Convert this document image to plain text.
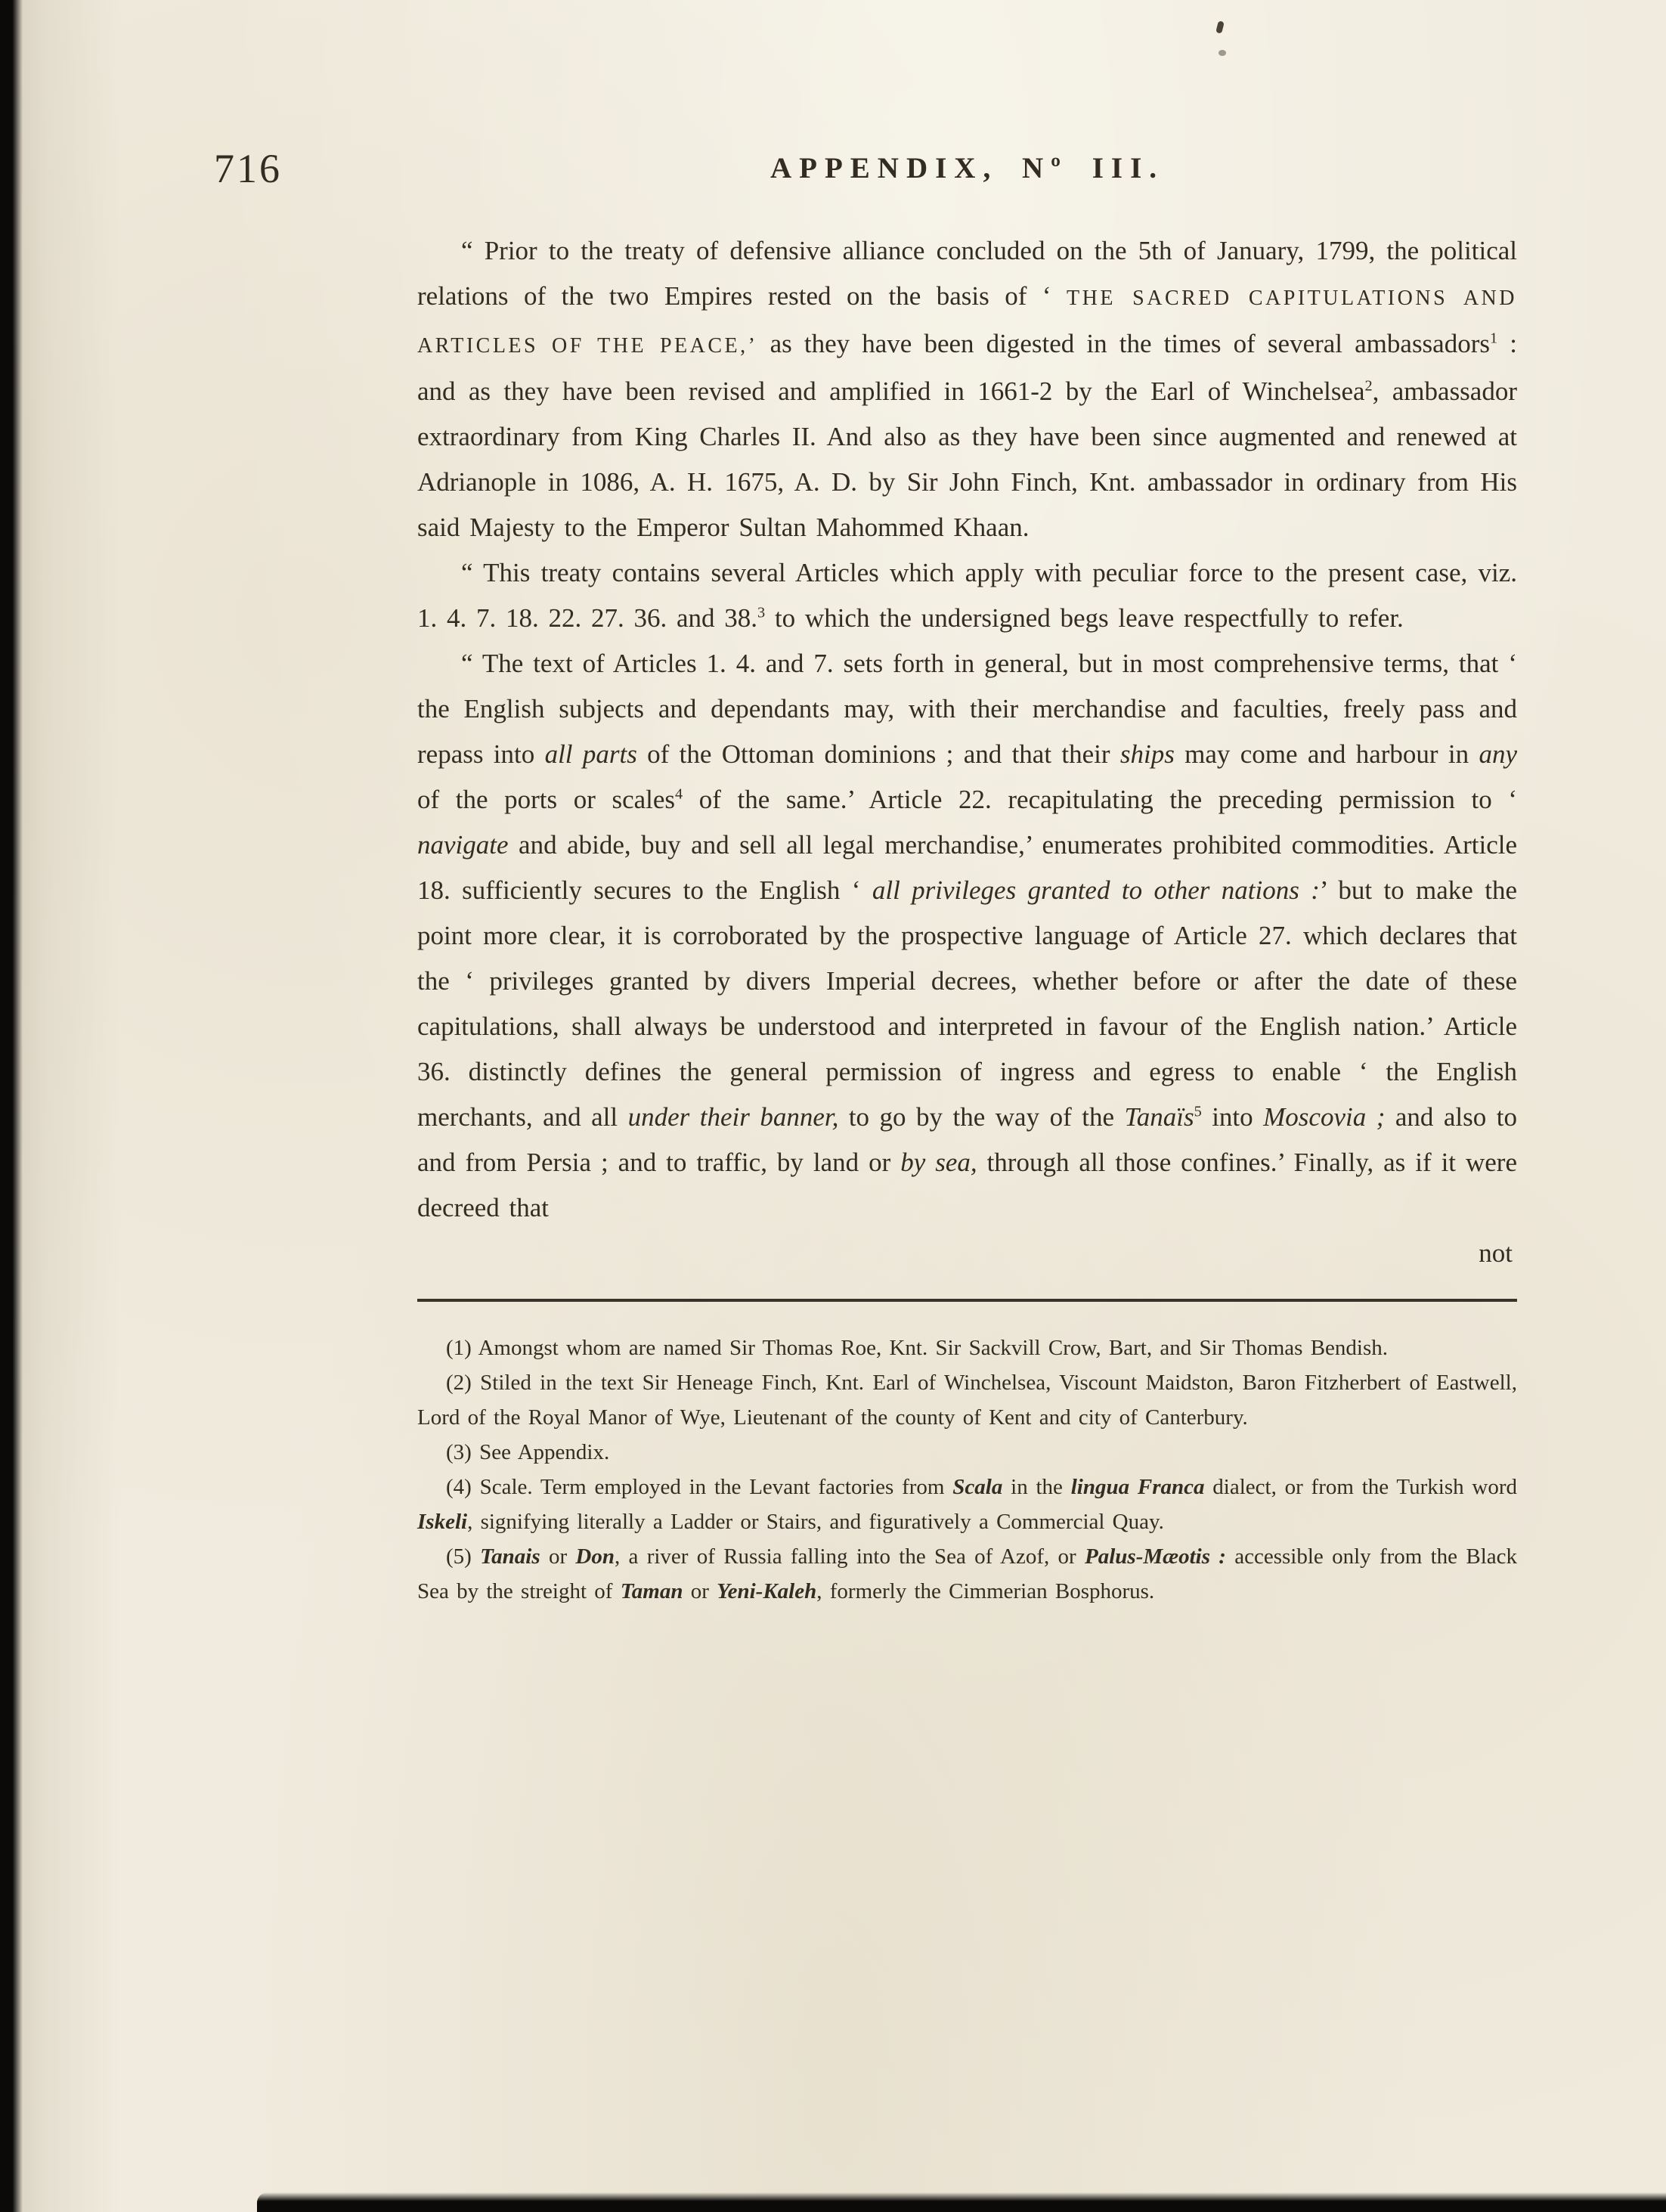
716	APPENDIX, Nº III.

“ Prior to the treaty of defensive alliance concluded on the 5th of January, 1799, the political relations of the two Empires rested on the basis of ‘ THE SACRED CAPITULATIONS AND ARTICLES OF THE PEACE,’ as they have been digested in the times of several ambassadors$^1$ : and as they have been revised and amplified in 1661-2 by the Earl of Winchelsea$^2$, ambassador extraordinary from King Charles II. And also as they have been since augmented and renewed at Adrianople in 1086, A. H. 1675, A. D. by Sir John Finch, Knt. ambassador in ordinary from His said Majesty to the Emperor Sultan Mahommed Khaan.

“ This treaty contains several Articles which apply with peculiar force to the present case, viz. 1. 4. 7. 18. 22. 27. 36. and 38.$^3$ to which the undersigned begs leave respectfully to refer.

“ The text of Articles 1. 4. and 7. sets forth in general, but in most comprehensive terms, that ‘ the English subjects and dependants may, with their merchandise and faculties, freely pass and repass into all parts of the Ottoman dominions ; and that their ships may come and harbour in any of the ports or scales$^4$ of the same.’ Article 22. recapitulating the preceding permission to ‘ navigate and abide, buy and sell all legal merchandise,’ enumerates prohibited commodities. Article 18. sufficiently secures to the English ‘ all privileges granted to other nations :’ but to make the point more clear, it is corroborated by the prospective language of Article 27. which declares that the ‘ privileges granted by divers Imperial decrees, whether before or after the date of these capitulations, shall always be understood and interpreted in favour of the English nation.’ Article 36. distinctly defines the general permission of ingress and egress to enable ‘ the English merchants, and all under their banner, to go by the way of the Tanaïs$^5$ into Moscovia ; and also to and from Persia ; and to traffic, by land or by sea, through all those confines.’ Finally, as if it were decreed that

not

(1) Amongst whom are named Sir Thomas Roe, Knt. Sir Sackvill Crow, Bart, and Sir Thomas Bendish.

(2) Stiled in the text Sir Heneage Finch, Knt. Earl of Winchelsea, Viscount Maidston, Baron Fitzherbert of Eastwell, Lord of the Royal Manor of Wye, Lieutenant of the county of Kent and city of Canterbury.

(3) See Appendix.

(4) Scale. Term employed in the Levant factories from Scala in the lingua Franca dialect, or from the Turkish word Iskeli, signifying literally a Ladder or Stairs, and figuratively a Commercial Quay.

(5) Tanais or Don, a river of Russia falling into the Sea of Azof, or Palus-Mæotis : accessible only from the Black Sea by the streight of Taman or Yeni-Kaleh, formerly the Cimmerian Bosphorus.
